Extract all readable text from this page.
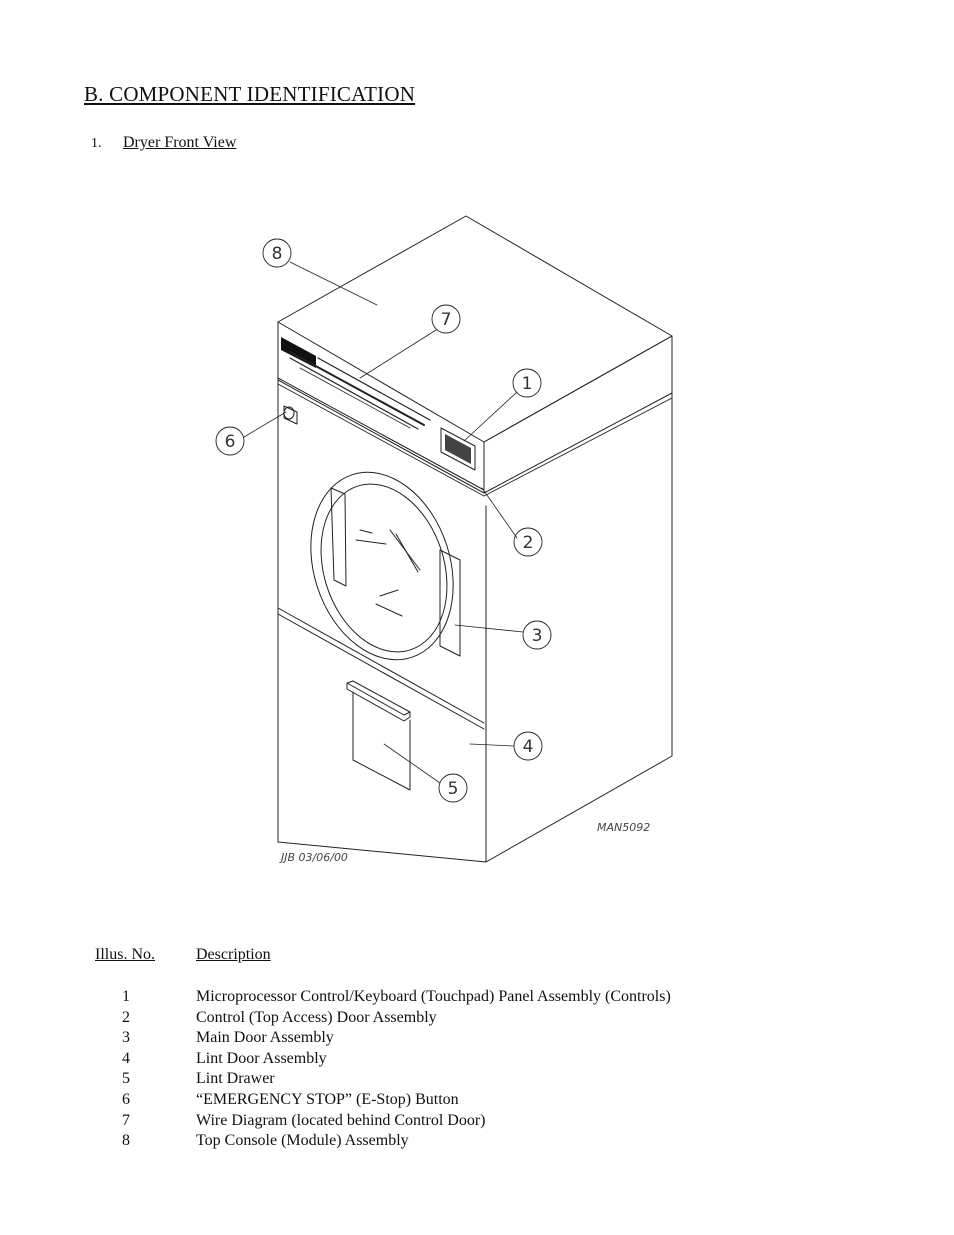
B. COMPONENT IDENTIFICATION
1. Dryer Front View
8
7
1
6
2
3
4
5
MAN5092
JJB 03/06/00
Illus. No.	Description
1	Microprocessor Control/Keyboard (Touchpad) Panel Assembly (Controls)
2	Control (Top Access) Door Assembly
3	Main Door Assembly
4	Lint Door Assembly
5	Lint Drawer
6	“EMERGENCY STOP” (E-Stop) Button
7	Wire Diagram (located behind Control Door)
8	Top Console (Module) Assembly
